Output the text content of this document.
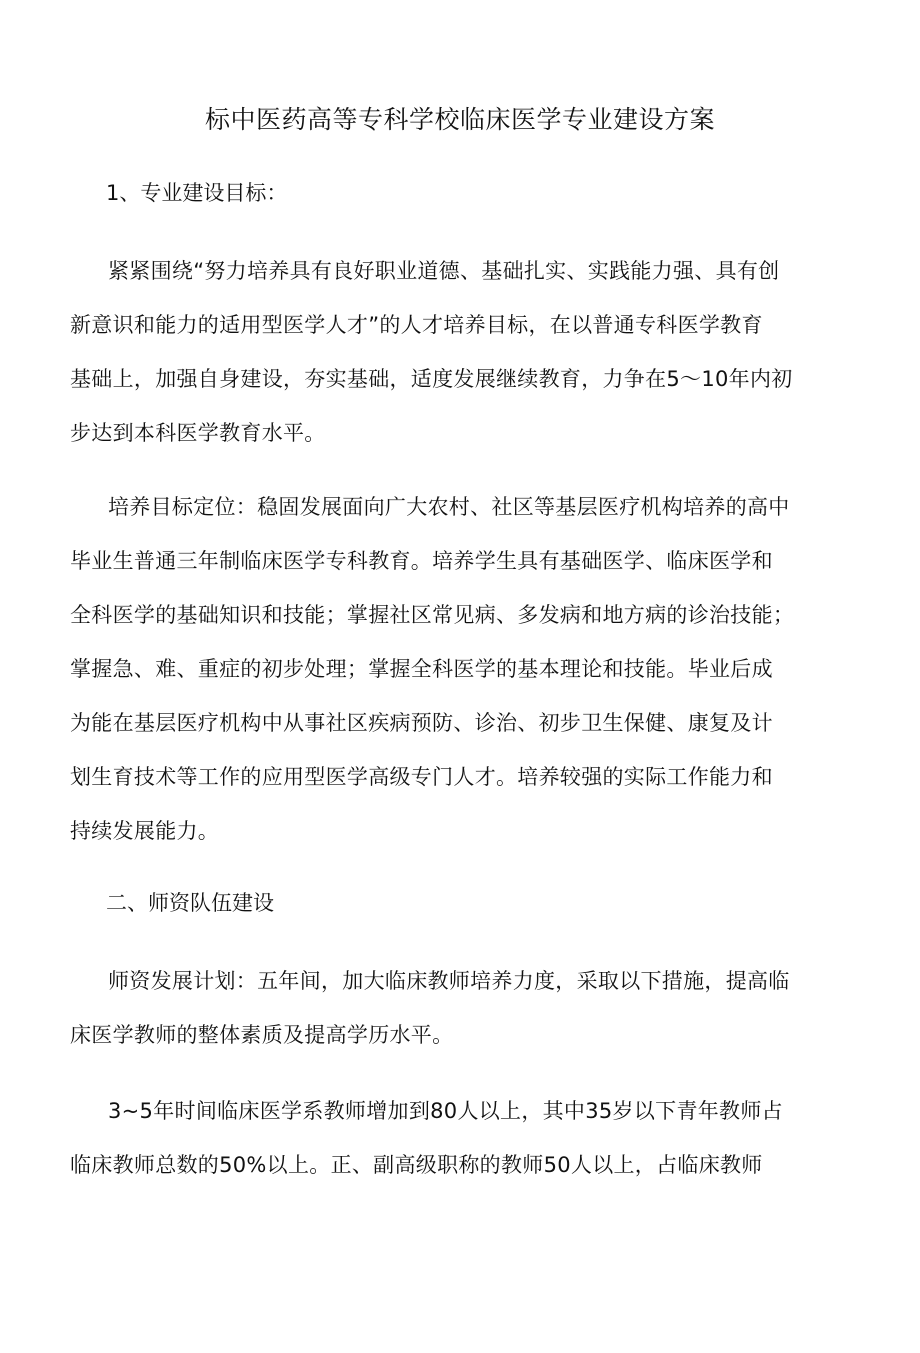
标中医药高等专科学校临床医学专业建设方案
1、专业建设目标：
紧紧围绕“努力培养具有良好职业道德、基础扎实、实践能力强、具有创
新意识和能力的适用型医学人才”的人才培养目标，在以普通专科医学教育
基础上，加强自身建设，夯实基础，适度发展继续教育，力争在5～10年内初
步达到本科医学教育水平。
培养目标定位：稳固发展面向广大农村、社区等基层医疗机构培养的高中
毕业生普通三年制临床医学专科教育。培养学生具有基础医学、临床医学和
全科医学的基础知识和技能；掌握社区常见病、多发病和地方病的诊治技能；
掌握急、难、重症的初步处理；掌握全科医学的基本理论和技能。毕业后成
为能在基层医疗机构中从事社区疾病预防、诊治、初步卫生保健、康复及计
划生育技术等工作的应用型医学高级专门人才。培养较强的实际工作能力和
持续发展能力。
二、师资队伍建设
师资发展计划：五年间，加大临床教师培养力度，采取以下措施，提高临
床医学教师的整体素质及提高学历水平。
3~5年时间临床医学系教师增加到80人以上，其中35岁以下青年教师占
临床教师总数的50%以上。正、副高级职称的教师50人以上，占临床教师
